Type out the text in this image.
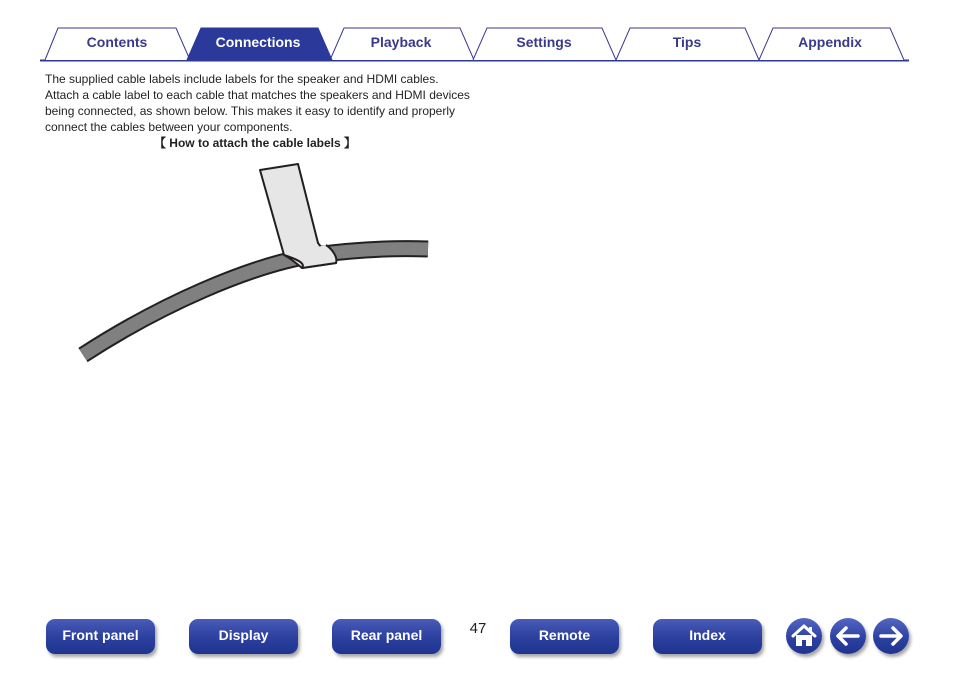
Contents	Connections	Playback	Settings	Tips	Appendix

The supplied cable labels include labels for the speaker and HDMI cables. Attach a cable label to each cable that matches the speakers and HDMI devices being connected, as shown below. This makes it easy to identify and properly connect the cables between your components.

【 How to attach the cable labels 】
Front panel	Display	Rear panel	47	Remote	Index
